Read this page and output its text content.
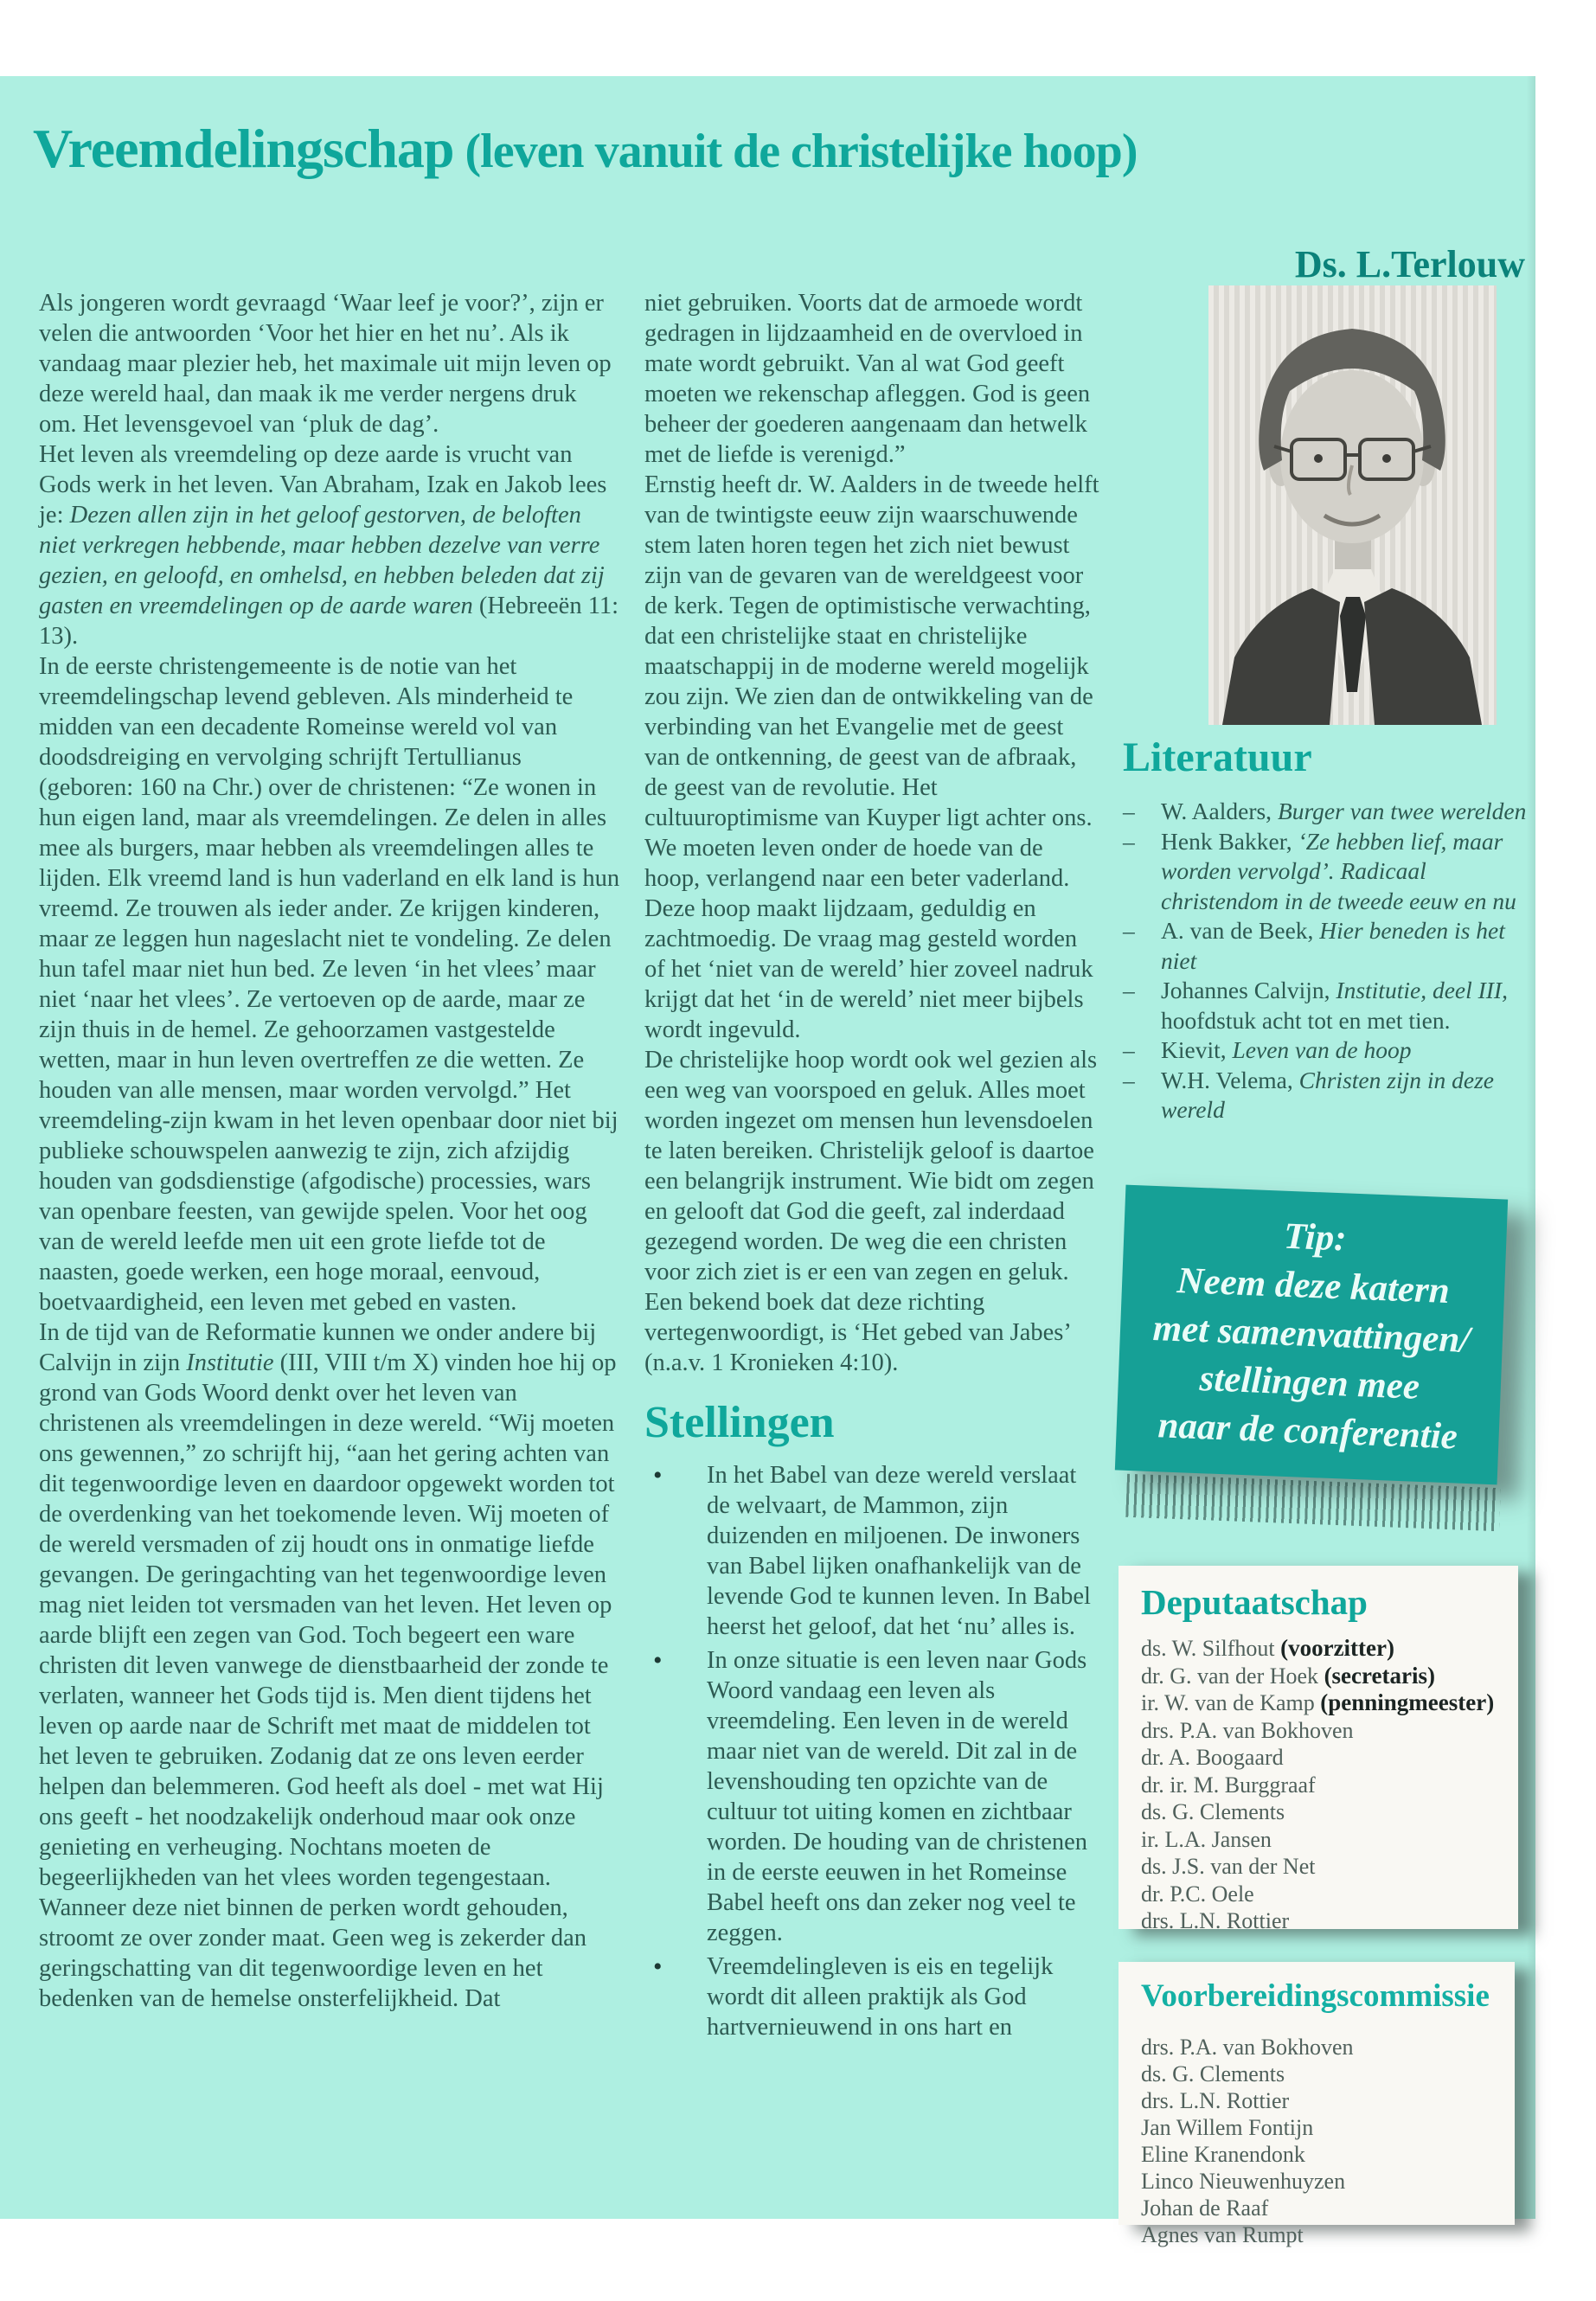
Vreemdelingschap (leven vanuit de christelijke hoop)

Ds. L.Terlouw

Als jongeren wordt gevraagd ‘Waar leef je voor?’, zijn er velen die antwoorden ‘Voor het hier en het nu’. Als ik vandaag maar plezier heb, het maximale uit mijn leven op deze wereld haal, dan maak ik me verder nergens druk om. Het levensgevoel van ‘pluk de dag’.

Het leven als vreemdeling op deze aarde is vrucht van Gods werk in het leven. Van Abraham, Izak en Jakob lees je: Dezen allen zijn in het geloof gestorven, de beloften niet verkregen hebbende, maar hebben dezelve van verre gezien, en geloofd, en omhelsd, en hebben beleden dat zij gasten en vreemdelingen op de aarde waren (Hebreeën 11: 13).

In de eerste christengemeente is de notie van het vreemdelingschap levend gebleven. Als minderheid te midden van een decadente Romeinse wereld vol van doodsdreiging en vervolging schrijft Tertullianus (geboren: 160 na Chr.) over de christenen: “Ze wonen in hun eigen land, maar als vreemdelingen. Ze delen in alles mee als burgers, maar hebben als vreemdelingen alles te lijden. Elk vreemd land is hun vaderland en elk land is hun vreemd. Ze trouwen als ieder ander. Ze krijgen kinderen, maar ze leggen hun nageslacht niet te vondeling. Ze delen hun tafel maar niet hun bed. Ze leven ‘in het vlees’ maar niet ‘naar het vlees’. Ze vertoeven op de aarde, maar ze zijn thuis in de hemel. Ze gehoorzamen vastgestelde wetten, maar in hun leven overtreffen ze die wetten. Ze houden van alle mensen, maar worden vervolgd.” Het vreemdeling-zijn kwam in het leven openbaar door niet bij publieke schouwspelen aanwezig te zijn, zich afzijdig houden van godsdienstige (afgodische) processies, wars van openbare feesten, van gewijde spelen. Voor het oog van de wereld leefde men uit een grote liefde tot de naasten, goede werken, een hoge moraal, eenvoud, boetvaardigheid, een leven met gebed en vasten.

In de tijd van de Reformatie kunnen we onder andere bij Calvijn in zijn Institutie (III, VIII t/m X) vinden hoe hij op grond van Gods Woord denkt over het leven van christenen als vreemdelingen in deze wereld. “Wij moeten ons gewennen,” zo schrijft hij, “aan het gering achten van dit tegenwoordige leven en daardoor opgewekt worden tot de overdenking van het toekomende leven. Wij moeten of de wereld versmaden of zij houdt ons in onmatige liefde gevangen. De geringachting van het tegenwoordige leven mag niet leiden tot versmaden van het leven. Het leven op aarde blijft een zegen van God. Toch begeert een ware christen dit leven vanwege de dienstbaarheid der zonde te verlaten, wanneer het Gods tijd is. Men dient tijdens het leven op aarde naar de Schrift met maat de middelen tot het leven te gebruiken. Zodanig dat ze ons leven eerder helpen dan belemmeren. God heeft als doel - met wat Hij ons geeft - het noodzakelijk onderhoud maar ook onze genieting en verheuging. Nochtans moeten de begeerlijkheden van het vlees worden tegengestaan. Wanneer deze niet binnen de perken wordt gehouden, stroomt ze over zonder maat. Geen weg is zekerder dan geringschatting van dit tegenwoordige leven en het bedenken van de hemelse onsterfelijkheid. Dat

niet gebruiken. Voorts dat de armoede wordt gedragen in lijdzaamheid en de overvloed in mate wordt gebruikt. Van al wat God geeft moeten we rekenschap afleggen. God is geen beheer der goederen aangenaam dan hetwelk met de liefde is verenigd.”

Ernstig heeft dr. W. Aalders in de tweede helft van de twintigste eeuw zijn waarschuwende stem laten horen tegen het zich niet bewust zijn van de gevaren van de wereldgeest voor de kerk. Tegen de optimistische verwachting, dat een christelijke staat en christelijke maatschappij in de moderne wereld mogelijk zou zijn. We zien dan de ontwikkeling van de verbinding van het Evangelie met de geest van de ontkenning, de geest van de afbraak, de geest van de revolutie. Het cultuuroptimisme van Kuyper ligt achter ons. We moeten leven onder de hoede van de hoop, verlangend naar een beter vaderland. Deze hoop maakt lijdzaam, geduldig en zachtmoedig. De vraag mag gesteld worden of het ‘niet van de wereld’ hier zoveel nadruk krijgt dat het ‘in de wereld’ niet meer bijbels wordt ingevuld.

De christelijke hoop wordt ook wel gezien als een weg van voorspoed en geluk. Alles moet worden ingezet om mensen hun levensdoelen te laten bereiken. Christelijk geloof is daartoe een belangrijk instrument. Wie bidt om zegen en gelooft dat God die geeft, zal inderdaad gezegend worden. De weg die een christen voor zich ziet is er een van zegen en geluk. Een bekend boek dat deze richting vertegenwoordigt, is ‘Het gebed van Jabes’ (n.a.v. 1 Kronieken 4:10).

Stellingen
•	In het Babel van deze wereld verslaat de welvaart, de Mammon, zijn duizenden en miljoenen. De inwoners van Babel lijken onafhankelijk van de levende God te kunnen leven. In Babel heerst het geloof, dat het ‘nu’ alles is.
•	In onze situatie is een leven naar Gods Woord vandaag een leven als vreemdeling. Een leven in de wereld maar niet van de wereld. Dit zal in de levenshouding ten opzichte van de cultuur tot uiting komen en zichtbaar worden. De houding van de christenen in de eerste eeuwen in het Romeinse Babel heeft ons dan zeker nog veel te zeggen.
•	Vreemdelingleven is eis en tegelijk wordt dit alleen praktijk als God hartvernieuwend in ons hart en
Literatuur
–	W. Aalders, Burger van twee werelden
–	Henk Bakker, ‘Ze hebben lief, maar worden vervolgd’. Radicaal christendom in de tweede eeuw en nu
–	A. van de Beek, Hier beneden is het niet
–	Johannes Calvijn, Institutie, deel III, hoofdstuk acht tot en met tien.
–	Kievit, Leven van de hoop
–	W.H. Velema, Christen zijn in deze wereld
Tip:
Neem deze katern
met samenvattingen/
stellingen mee
naar de conferentie
Deputaatschap
ds. W. Silfhout (voorzitter)
dr. G. van der Hoek (secretaris)
ir. W. van de Kamp (penningmeester)
drs. P.A. van Bokhoven
dr. A. Boogaard
dr. ir. M. Burggraaf
ds. G. Clements
ir. L.A. Jansen
ds. J.S. van der Net
dr. P.C. Oele
drs. L.N. Rottier
Voorbereidingscommissie
drs. P.A. van Bokhoven
ds. G. Clements
drs. L.N. Rottier
Jan Willem Fontijn
Eline Kranendonk
Linco Nieuwenhuyzen
Johan de Raaf
Agnes van Rumpt
